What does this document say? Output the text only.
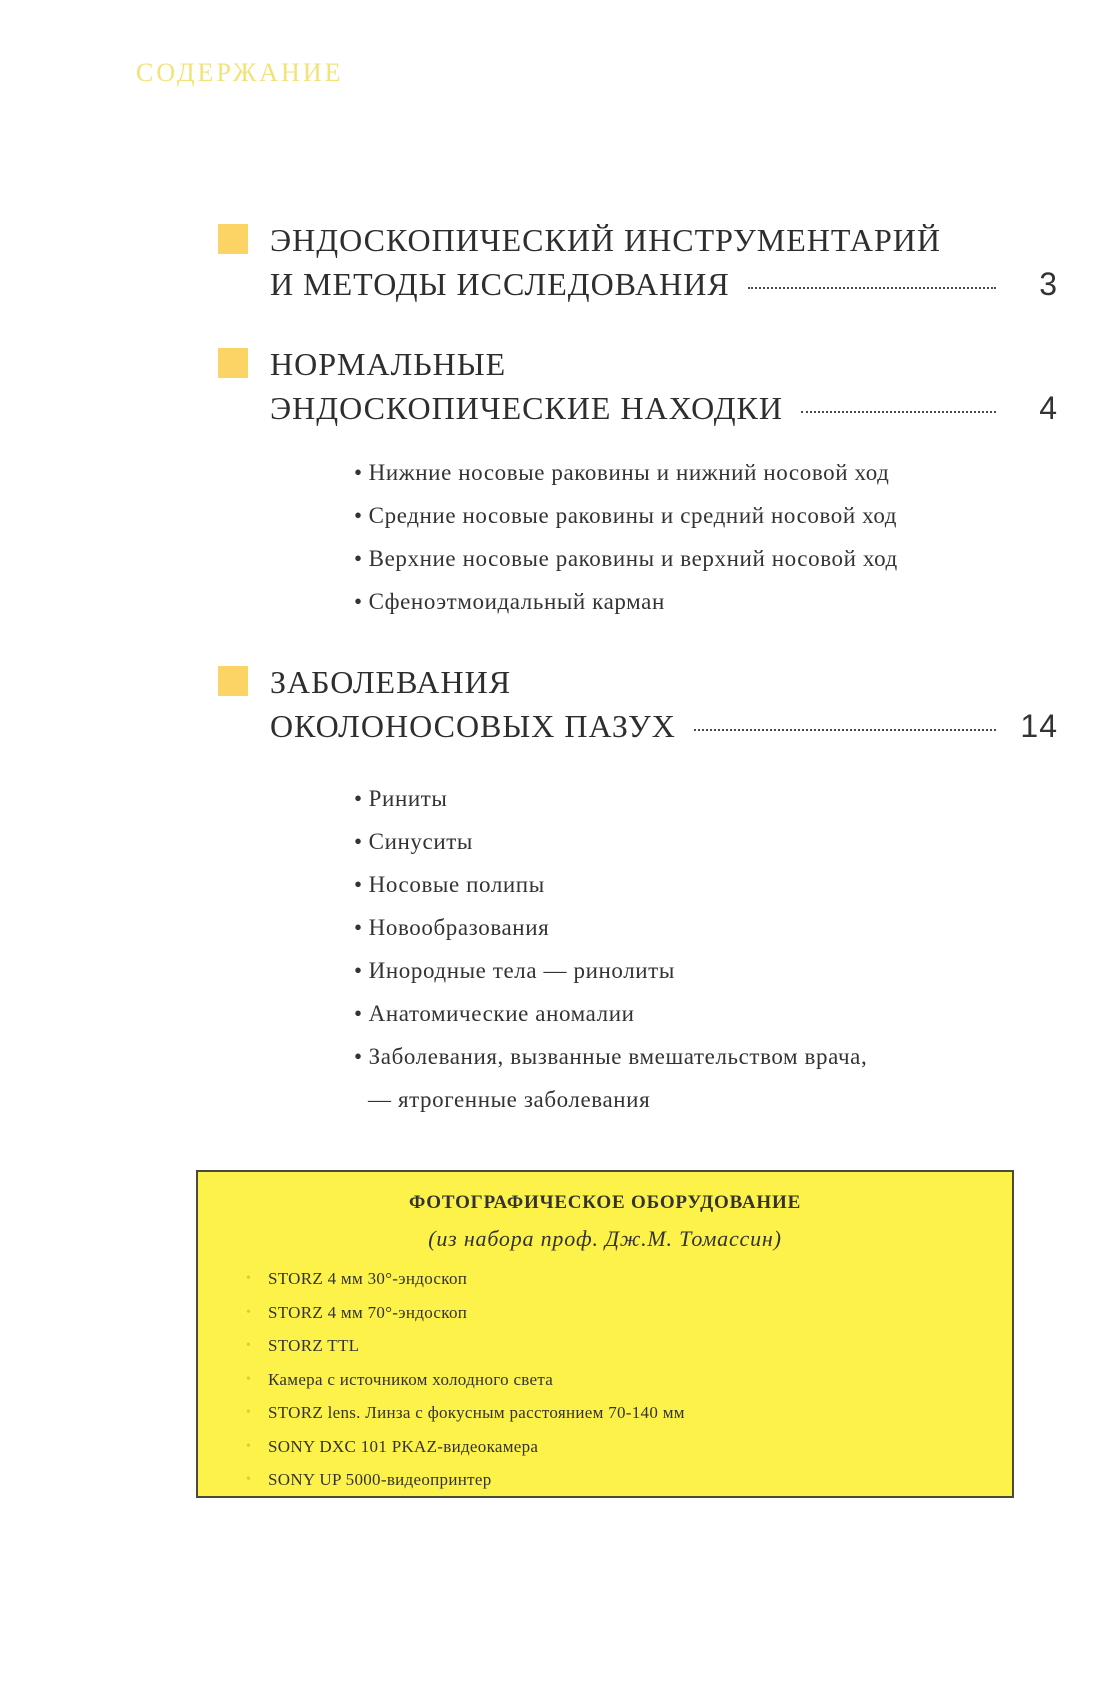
СОДЕРЖАНИЕ
ЭНДОСКОПИЧЕСКИЙ ИНСТРУМЕНТАРИЙ
И МЕТОДЫ ИССЛЕДОВАНИЯ	3
НОРМАЛЬНЫЕ
ЭНДОСКОПИЧЕСКИЕ НАХОДКИ	4
• Нижние носовые раковины и нижний носовой ход
• Средние носовые раковины и средний носовой ход
• Верхние носовые раковины и верхний носовой ход
• Сфеноэтмоидальный карман
ЗАБОЛЕВАНИЯ
ОКОЛОНОСОВЫХ ПАЗУХ	14
• Риниты
• Синуситы
• Носовые полипы
• Новообразования
• Инородные тела — ринолиты
• Анатомические аномалии
• Заболевания, вызванные вмешательством врача,
— ятрогенные заболевания
ФОТОГРАФИЧЕСКОЕ ОБОРУДОВАНИЕ
(из набора проф. Дж.М. Томассин)
• STORZ 4 мм 30°-эндоскоп
• STORZ 4 мм 70°-эндоскоп
• STORZ TTL
• Камера с источником холодного света
• STORZ lens. Линза с фокусным расстоянием 70-140 мм
• SONY DXC 101 PKAZ-видеокамера
• SONY UP 5000-видеопринтер
